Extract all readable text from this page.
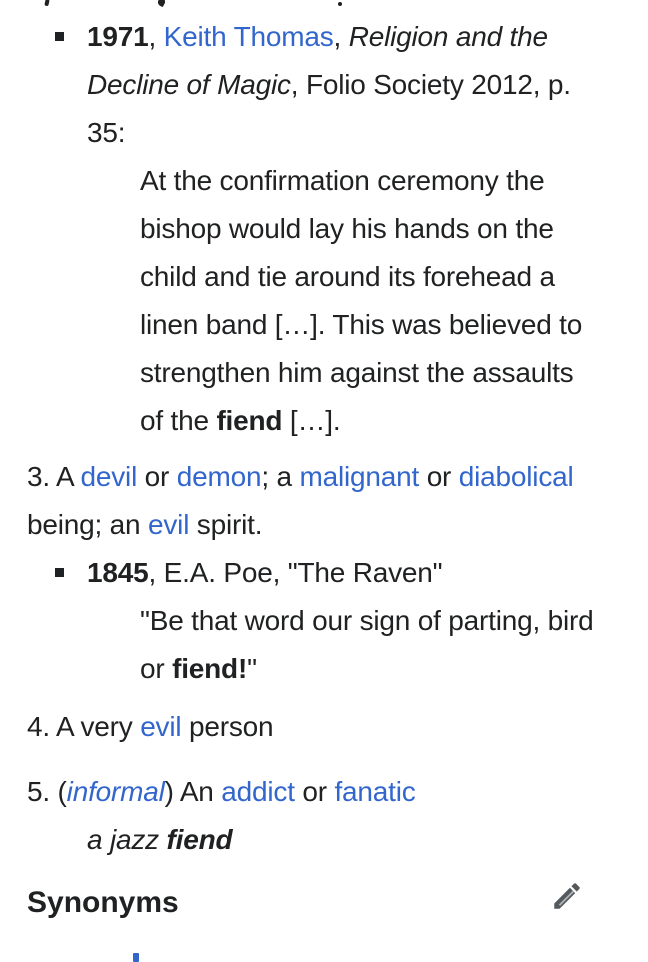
1971, Keith Thomas, Religion and the
Decline of Magic, Folio Society 2012, p.
35:
At the confirmation ceremony the
bishop would lay his hands on the
child and tie around its forehead a
linen band […]. This was believed to
strengthen him against the assaults
of the fiend […].
3. A devil or demon; a malignant or diabolical
being; an evil spirit.
1845, E.A. Poe, "The Raven"
"Be that word our sign of parting, bird
or fiend!"
4. A very evil person
5. (informal) An addict or fanatic
a jazz fiend
Synonyms
